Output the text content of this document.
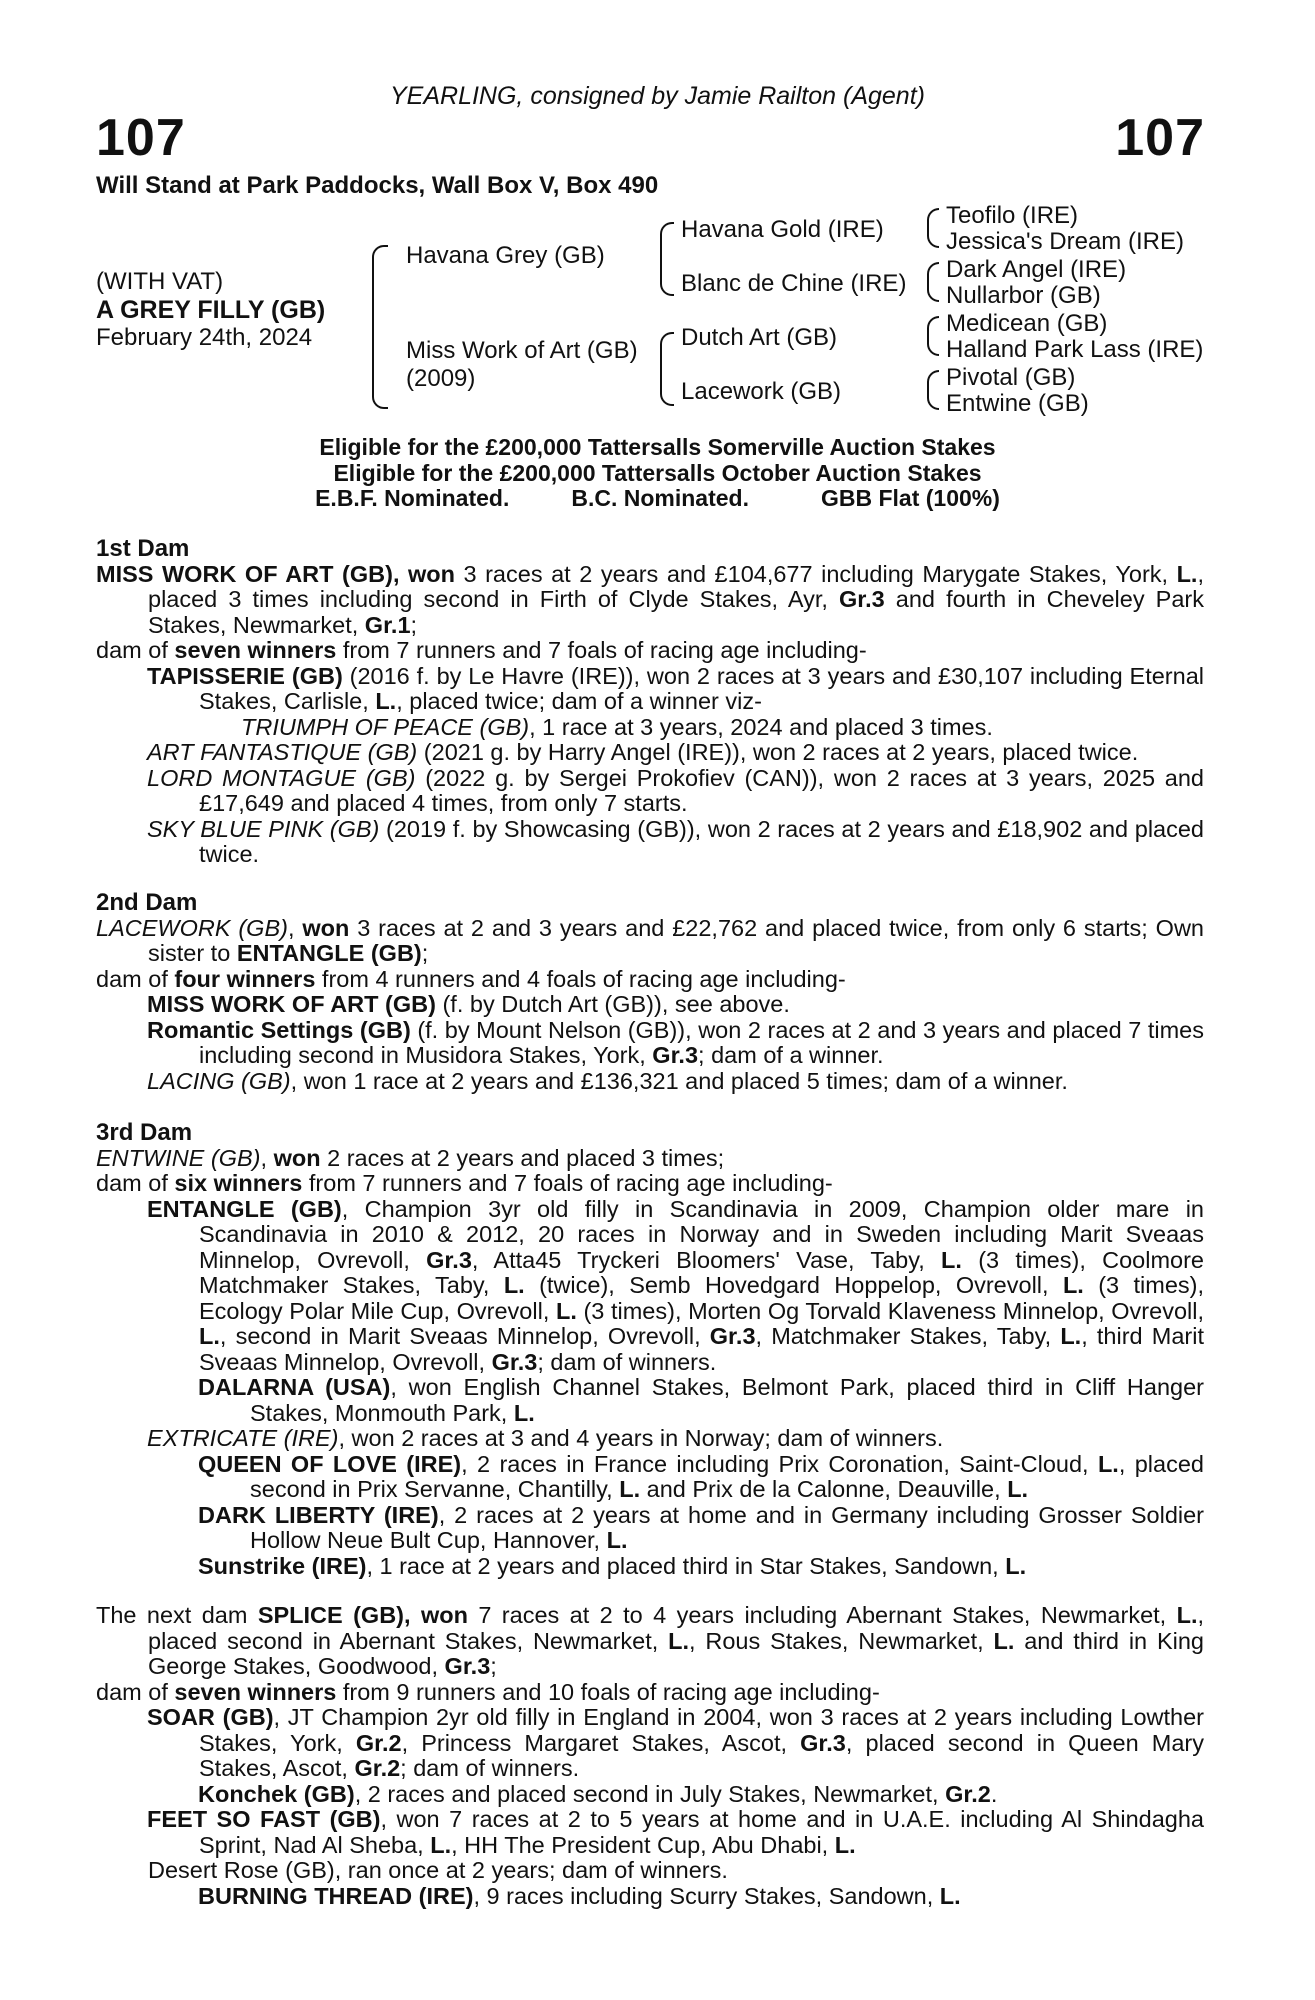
107	107
YEARLING, consigned by Jamie Railton (Agent)
Will Stand at Park Paddocks, Wall Box V, Box 490
(WITH VAT)
A GREY FILLY (GB)
February 24th, 2024
Havana Grey (GB)
Miss Work of Art (GB)
(2009)
Havana Gold (IRE)
Blanc de Chine (IRE)
Dutch Art (GB)
Lacework (GB)
Teofilo (IRE)
Jessica's Dream (IRE)
Dark Angel (IRE)
Nullarbor (GB)
Medicean (GB)
Halland Park Lass (IRE)
Pivotal (GB)
Entwine (GB)
Eligible for the £200,000 Tattersalls Somerville Auction Stakes
Eligible for the £200,000 Tattersalls October Auction Stakes
E.B.F. Nominated.	B.C. Nominated.	GBB Flat (100%)
1st Dam

MISS WORK OF ART (GB), won 3 races at 2 years and £104,677 including Marygate Stakes, York, L., placed 3 times including second in Firth of Clyde Stakes, Ayr, Gr.3 and fourth in Cheveley Park Stakes, Newmarket, Gr.1;

dam of seven winners from 7 runners and 7 foals of racing age including-

TAPISSERIE (GB) (2016 f. by Le Havre (IRE)), won 2 races at 3 years and £30,107 including Eternal Stakes, Carlisle, L., placed twice; dam of a winner viz-

TRIUMPH OF PEACE (GB), 1 race at 3 years, 2024 and placed 3 times.

ART FANTASTIQUE (GB) (2021 g. by Harry Angel (IRE)), won 2 races at 2 years, placed twice.

LORD MONTAGUE (GB) (2022 g. by Sergei Prokofiev (CAN)), won 2 races at 3 years, 2025 and £17,649 and placed 4 times, from only 7 starts.

SKY BLUE PINK (GB) (2019 f. by Showcasing (GB)), won 2 races at 2 years and £18,902 and placed twice.

2nd Dam

LACEWORK (GB), won 3 races at 2 and 3 years and £22,762 and placed twice, from only 6 starts; Own sister to ENTANGLE (GB);

dam of four winners from 4 runners and 4 foals of racing age including-

MISS WORK OF ART (GB) (f. by Dutch Art (GB)), see above.

Romantic Settings (GB) (f. by Mount Nelson (GB)), won 2 races at 2 and 3 years and placed 7 times including second in Musidora Stakes, York, Gr.3; dam of a winner.

LACING (GB), won 1 race at 2 years and £136,321 and placed 5 times; dam of a winner.

3rd Dam

ENTWINE (GB), won 2 races at 2 years and placed 3 times;

dam of six winners from 7 runners and 7 foals of racing age including-

ENTANGLE (GB), Champion 3yr old filly in Scandinavia in 2009, Champion older mare in Scandinavia in 2010 & 2012, 20 races in Norway and in Sweden including Marit Sveaas Minnelop, Ovrevoll, Gr.3, Atta45 Tryckeri Bloomers' Vase, Taby, L. (3 times), Coolmore Matchmaker Stakes, Taby, L. (twice), Semb Hovedgard Hoppelop, Ovrevoll, L. (3 times), Ecology Polar Mile Cup, Ovrevoll, L. (3 times), Morten Og Torvald Klaveness Minnelop, Ovrevoll, L., second in Marit Sveaas Minnelop, Ovrevoll, Gr.3, Matchmaker Stakes, Taby, L., third Marit Sveaas Minnelop, Ovrevoll, Gr.3; dam of winners.

DALARNA (USA), won English Channel Stakes, Belmont Park, placed third in Cliff Hanger Stakes, Monmouth Park, L.

EXTRICATE (IRE), won 2 races at 3 and 4 years in Norway; dam of winners.

QUEEN OF LOVE (IRE), 2 races in France including Prix Coronation, Saint-Cloud, L., placed second in Prix Servanne, Chantilly, L. and Prix de la Calonne, Deauville, L.

DARK LIBERTY (IRE), 2 races at 2 years at home and in Germany including Grosser Soldier Hollow Neue Bult Cup, Hannover, L.

Sunstrike (IRE), 1 race at 2 years and placed third in Star Stakes, Sandown, L.

The next dam SPLICE (GB), won 7 races at 2 to 4 years including Abernant Stakes, Newmarket, L., placed second in Abernant Stakes, Newmarket, L., Rous Stakes, Newmarket, L. and third in King George Stakes, Goodwood, Gr.3;

dam of seven winners from 9 runners and 10 foals of racing age including-

SOAR (GB), JT Champion 2yr old filly in England in 2004, won 3 races at 2 years including Lowther Stakes, York, Gr.2, Princess Margaret Stakes, Ascot, Gr.3, placed second in Queen Mary Stakes, Ascot, Gr.2; dam of winners.

Konchek (GB), 2 races and placed second in July Stakes, Newmarket, Gr.2.

FEET SO FAST (GB), won 7 races at 2 to 5 years at home and in U.A.E. including Al Shindagha Sprint, Nad Al Sheba, L., HH The President Cup, Abu Dhabi, L.

Desert Rose (GB), ran once at 2 years; dam of winners.

BURNING THREAD (IRE), 9 races including Scurry Stakes, Sandown, L.
